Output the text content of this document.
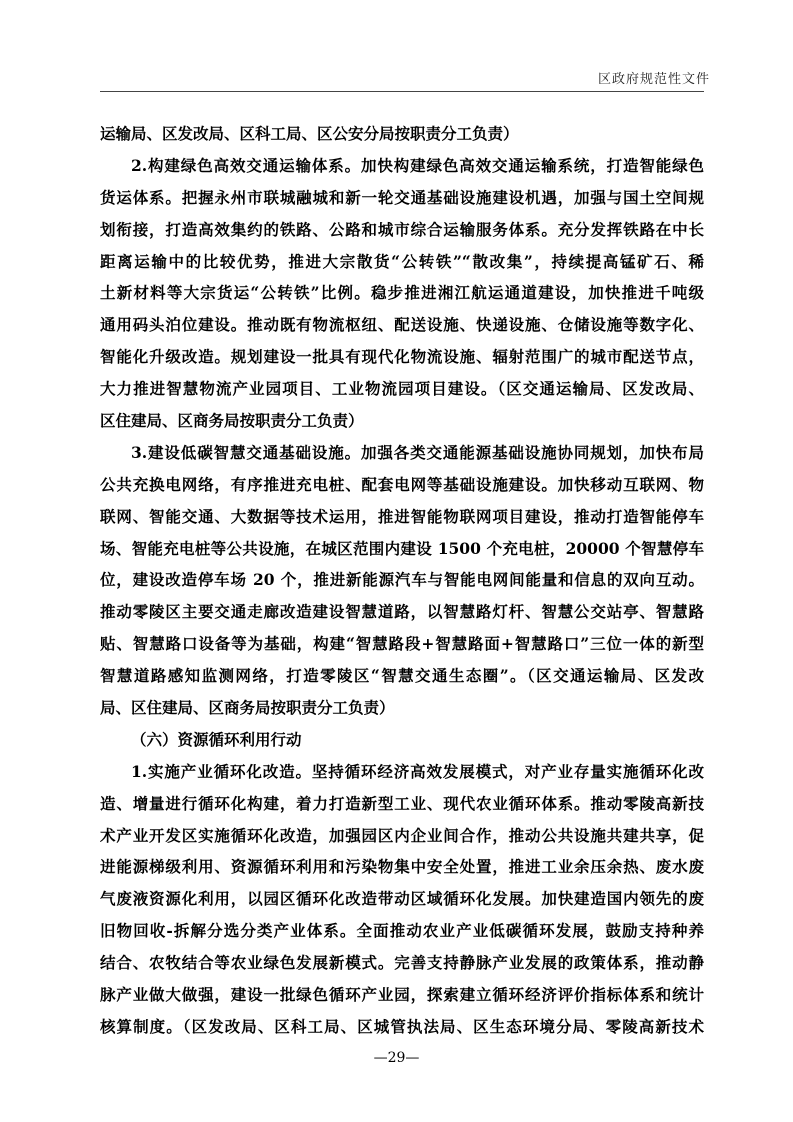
区政府规范性文件
运输局、区发改局、区科工局、区公安分局按职责分工负责）
2.构建绿色高效交通运输体系。加快构建绿色高效交通运输系统，打造智能绿色
货运体系。把握永州市联城融城和新一轮交通基础设施建设机遇，加强与国土空间规
划衔接，打造高效集约的铁路、公路和城市综合运输服务体系。充分发挥铁路在中长
距离运输中的比较优势，推进大宗散货“公转铁”“散改集”，持续提高锰矿石、稀
土新材料等大宗货运“公转铁”比例。稳步推进湘江航运通道建设，加快推进千吨级
通用码头泊位建设。推动既有物流枢纽、配送设施、快递设施、仓储设施等数字化、
智能化升级改造。规划建设一批具有现代化物流设施、辐射范围广的城市配送节点，
大力推进智慧物流产业园项目、工业物流园项目建设。（区交通运输局、区发改局、
区住建局、区商务局按职责分工负责）
3.建设低碳智慧交通基础设施。加强各类交通能源基础设施协同规划，加快布局
公共充换电网络，有序推进充电桩、配套电网等基础设施建设。加快移动互联网、物
联网、智能交通、大数据等技术运用，推进智能物联网项目建设，推动打造智能停车
场、智能充电桩等公共设施，在城区范围内建设 1500 个充电桩，20000 个智慧停车
位，建设改造停车场 20 个，推进新能源汽车与智能电网间能量和信息的双向互动。
推动零陵区主要交通走廊改造建设智慧道路，以智慧路灯杆、智慧公交站亭、智慧路
贴、智慧路口设备等为基础，构建“智慧路段+智慧路面+智慧路口”三位一体的新型
智慧道路感知监测网络，打造零陵区“智慧交通生态圈”。（区交通运输局、区发改
局、区住建局、区商务局按职责分工负责）
（六）资源循环利用行动
1.实施产业循环化改造。坚持循环经济高效发展模式，对产业存量实施循环化改
造、增量进行循环化构建，着力打造新型工业、现代农业循环体系。推动零陵高新技
术产业开发区实施循环化改造，加强园区内企业间合作，推动公共设施共建共享，促
进能源梯级利用、资源循环利用和污染物集中安全处置，推进工业余压余热、废水废
气废液资源化利用，以园区循环化改造带动区域循环化发展。加快建造国内领先的废
旧物回收-拆解分选分类产业体系。全面推动农业产业低碳循环发展，鼓励支持种养
结合、农牧结合等农业绿色发展新模式。完善支持静脉产业发展的政策体系，推动静
脉产业做大做强，建设一批绿色循环产业园，探索建立循环经济评价指标体系和统计
核算制度。（区发改局、区科工局、区城管执法局、区生态环境分局、零陵高新技术
—29—
